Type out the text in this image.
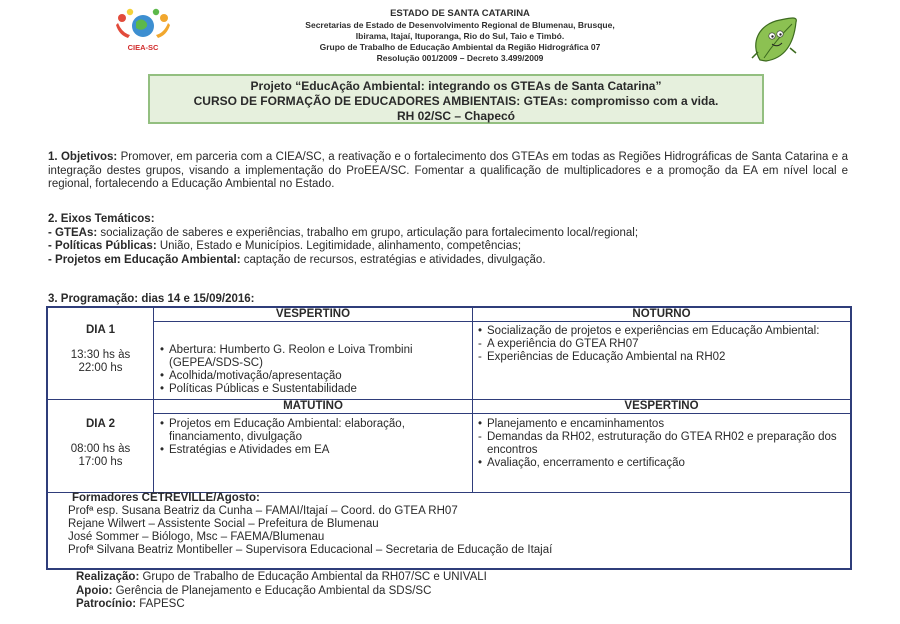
CIEA-SC
ESTADO DE SANTA CATARINA
Secretarias de Estado de Desenvolvimento Regional de Blumenau, Brusque,
Ibirama, Itajaí, Ituporanga, Rio do Sul, Taio e Timbó.
Grupo de Trabalho de Educação Ambiental da Região Hidrográfica 07
Resolução 001/2009 – Decreto 3.499/2009
Projeto “EducAção Ambiental: integrando os GTEAs de Santa Catarina”
CURSO DE FORMAÇÃO DE EDUCADORES AMBIENTAIS: GTEAs: compromisso com a vida.
RH 02/SC – Chapecó
1. Objetivos: Promover, em parceria com a CIEA/SC, a reativação e o fortalecimento dos GTEAs em todas as Regiões Hidrográficas de Santa Catarina e a integração destes grupos, visando a implementação do ProEEA/SC. Fomentar a qualificação de multiplicadores e a promoção da EA em nível local e regional, fortalecendo a Educação Ambiental no Estado.
2. Eixos Temáticos:
- GTEAs: socialização de saberes e experiências, trabalho em grupo, articulação para fortalecimento local/regional;
- Políticas Públicas: União, Estado e Municípios. Legitimidade, alinhamento, competências;
- Projetos em Educação Ambiental: captação de recursos, estratégias e atividades, divulgação.
3. Programação: dias 14 e 15/09/2016:
DIA 1
13:30 hs às
22:00 hs
VESPERTINO	NOTURNO
• Abertura: Humberto G. Reolon e Loiva Trombini (GEPEA/SDS-SC)
• Acolhida/motivação/apresentação
• Políticas Públicas e Sustentabilidade
• Socialização de projetos e experiências em Educação Ambiental:
- A experiência do GTEA RH07
- Experiências de Educação Ambiental na RH02
DIA 2
08:00 hs às
17:00 hs
MATUTINO	VESPERTINO
• Projetos em Educação Ambiental: elaboração, financiamento, divulgação
• Estratégias e Atividades em EA
• Planejamento e encaminhamentos
- Demandas da RH02, estruturação do GTEA RH02 e preparação dos encontros
• Avaliação, encerramento e certificação
Formadores CETREVILLE/Agosto:
Profª esp. Susana Beatriz da Cunha – FAMAI/Itajaí – Coord. do GTEA RH07
Rejane Wilwert – Assistente Social – Prefeitura de Blumenau
José Sommer – Biólogo, Msc – FAEMA/Blumenau
Profª Silvana Beatriz Montibeller – Supervisora Educacional – Secretaria de Educação de Itajaí
Realização: Grupo de Trabalho de Educação Ambiental da RH07/SC e UNIVALI
Apoio: Gerência de Planejamento e Educação Ambiental da SDS/SC
Patrocínio: FAPESC
